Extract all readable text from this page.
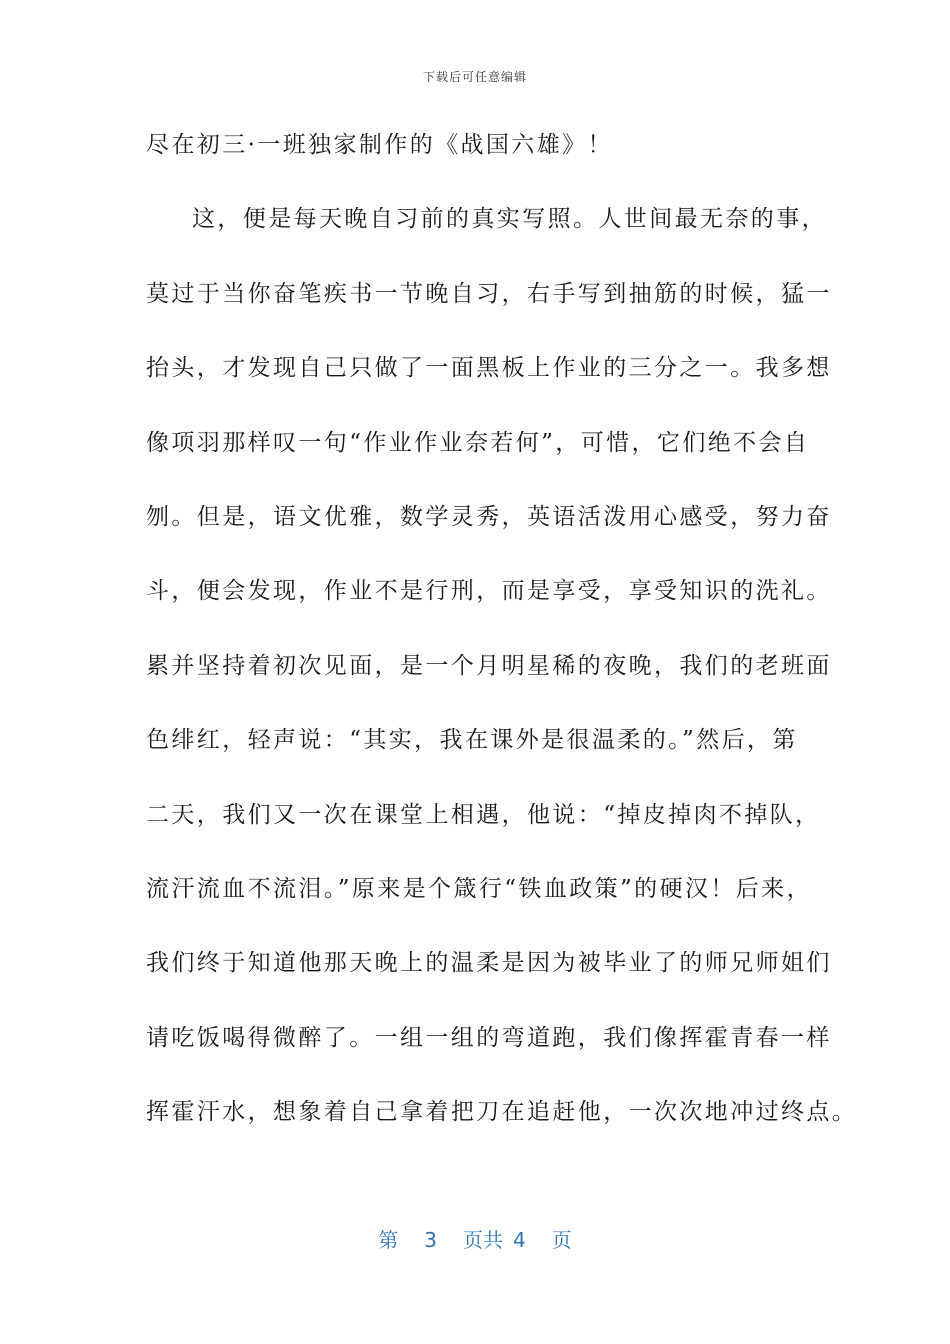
下载后可任意编辑
尽在初三·一班独家制作的《战国六雄》！
这，便是每天晚自习前的真实写照。人世间最无奈的事，
莫过于当你奋笔疾书一节晚自习，右手写到抽筋的时候，猛一
抬头，才发现自己只做了一面黑板上作业的三分之一。我多想
像项羽那样叹一句“作业作业奈若何”，可惜，它们绝不会自
刎。但是，语文优雅，数学灵秀，英语活泼用心感受，努力奋
斗，便会发现，作业不是行刑，而是享受，享受知识的洗礼。
累并坚持着初次见面，是一个月明星稀的夜晚，我们的老班面
色绯红，轻声说：“其实，我在课外是很温柔的。”然后，第
二天，我们又一次在课堂上相遇，他说：“掉皮掉肉不掉队，
流汗流血不流泪。”原来是个箴行“铁血政策”的硬汉！后来，
我们终于知道他那天晚上的温柔是因为被毕业了的师兄师姐们
请吃饭喝得微醉了。一组一组的弯道跑，我们像挥霍青春一样
挥霍汗水，想象着自己拿着把刀在追赶他，一次次地冲过终点。
第 3 页共 4 页
